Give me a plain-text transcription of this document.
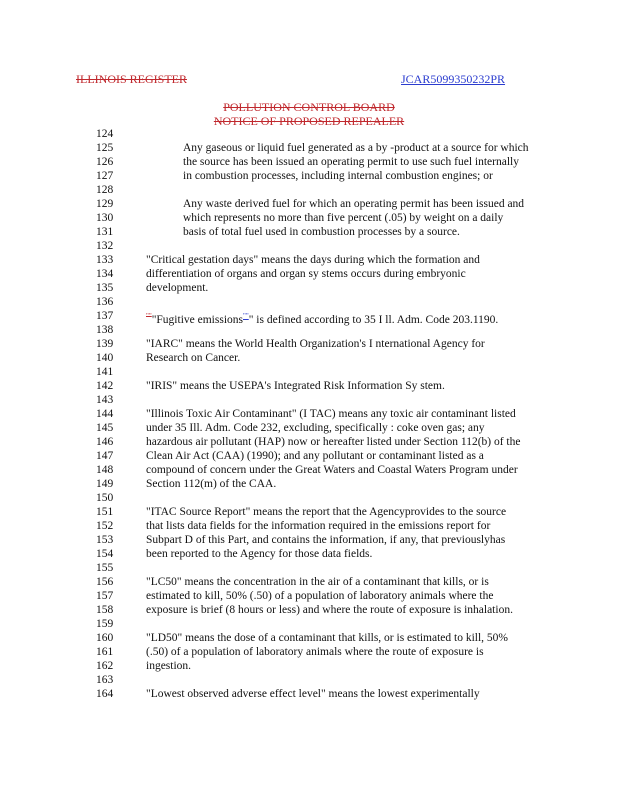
ILLINOIS REGISTER	JCAR5099350232PR
POLLUTION CONTROL BOARD
NOTICE OF PROPOSED REPEALER
124
125
126
127
128
129
130
131
132
133
134
135
136
137
138
139
140
141
142
143
144
145
146
147
148
149
150
151
152
153
154
155
156
157
158
159
160
161
162
163
164
Any gaseous or liquid fuel generated as a by -product at a source for which
the source has been issued an operating permit to use such fuel internally
in combustion processes, including internal combustion engines; or
Any waste derived fuel for which an operating permit has been issued and
which represents no more than five percent (.05) by weight on a daily
basis of total fuel used in combustion processes by a source.
"Critical gestation days" means the days during which the formation and
differentiation of organs and organ sy stems occurs during embryonic
development.
"""Fugitive emissions""" is defined according to 35 I ll. Adm. Code 203.1190.
"IARC" means the World Health Organization's I nternational Agency for
Research on Cancer.
"IRIS" means the USEPA's Integrated Risk Information Sy stem.
"Illinois Toxic Air Contaminant" (I TAC) means any toxic air contaminant listed
under 35 Ill. Adm. Code 232, excluding, specifically : coke oven gas; any
hazardous air pollutant (HAP) now or hereafter listed under Section 112(b) of the
Clean Air Act (CAA) (1990); and any pollutant or contaminant listed as a
compound of concern under the Great Waters and Coastal Waters Program under
Section 112(m) of the CAA.
"ITAC Source Report" means the report that the Agencyprovides to the source
that lists data fields for the information required in the emissions report for
Subpart D of this Part, and contains the information, if any, that previouslyhas
been reported to the Agency for those data fields.
"LC50" means the concentration in the air of a contaminant that kills, or is
estimated to kill, 50% (.50) of a population of laboratory animals where the
exposure is brief (8 hours or less) and where the route of exposure is inhalation.
"LD50" means the dose of a contaminant that kills, or is estimated to kill, 50%
(.50) of a population of laboratory animals where the route of exposure is
ingestion.
"Lowest observed adverse effect level" means the lowest experimentally
